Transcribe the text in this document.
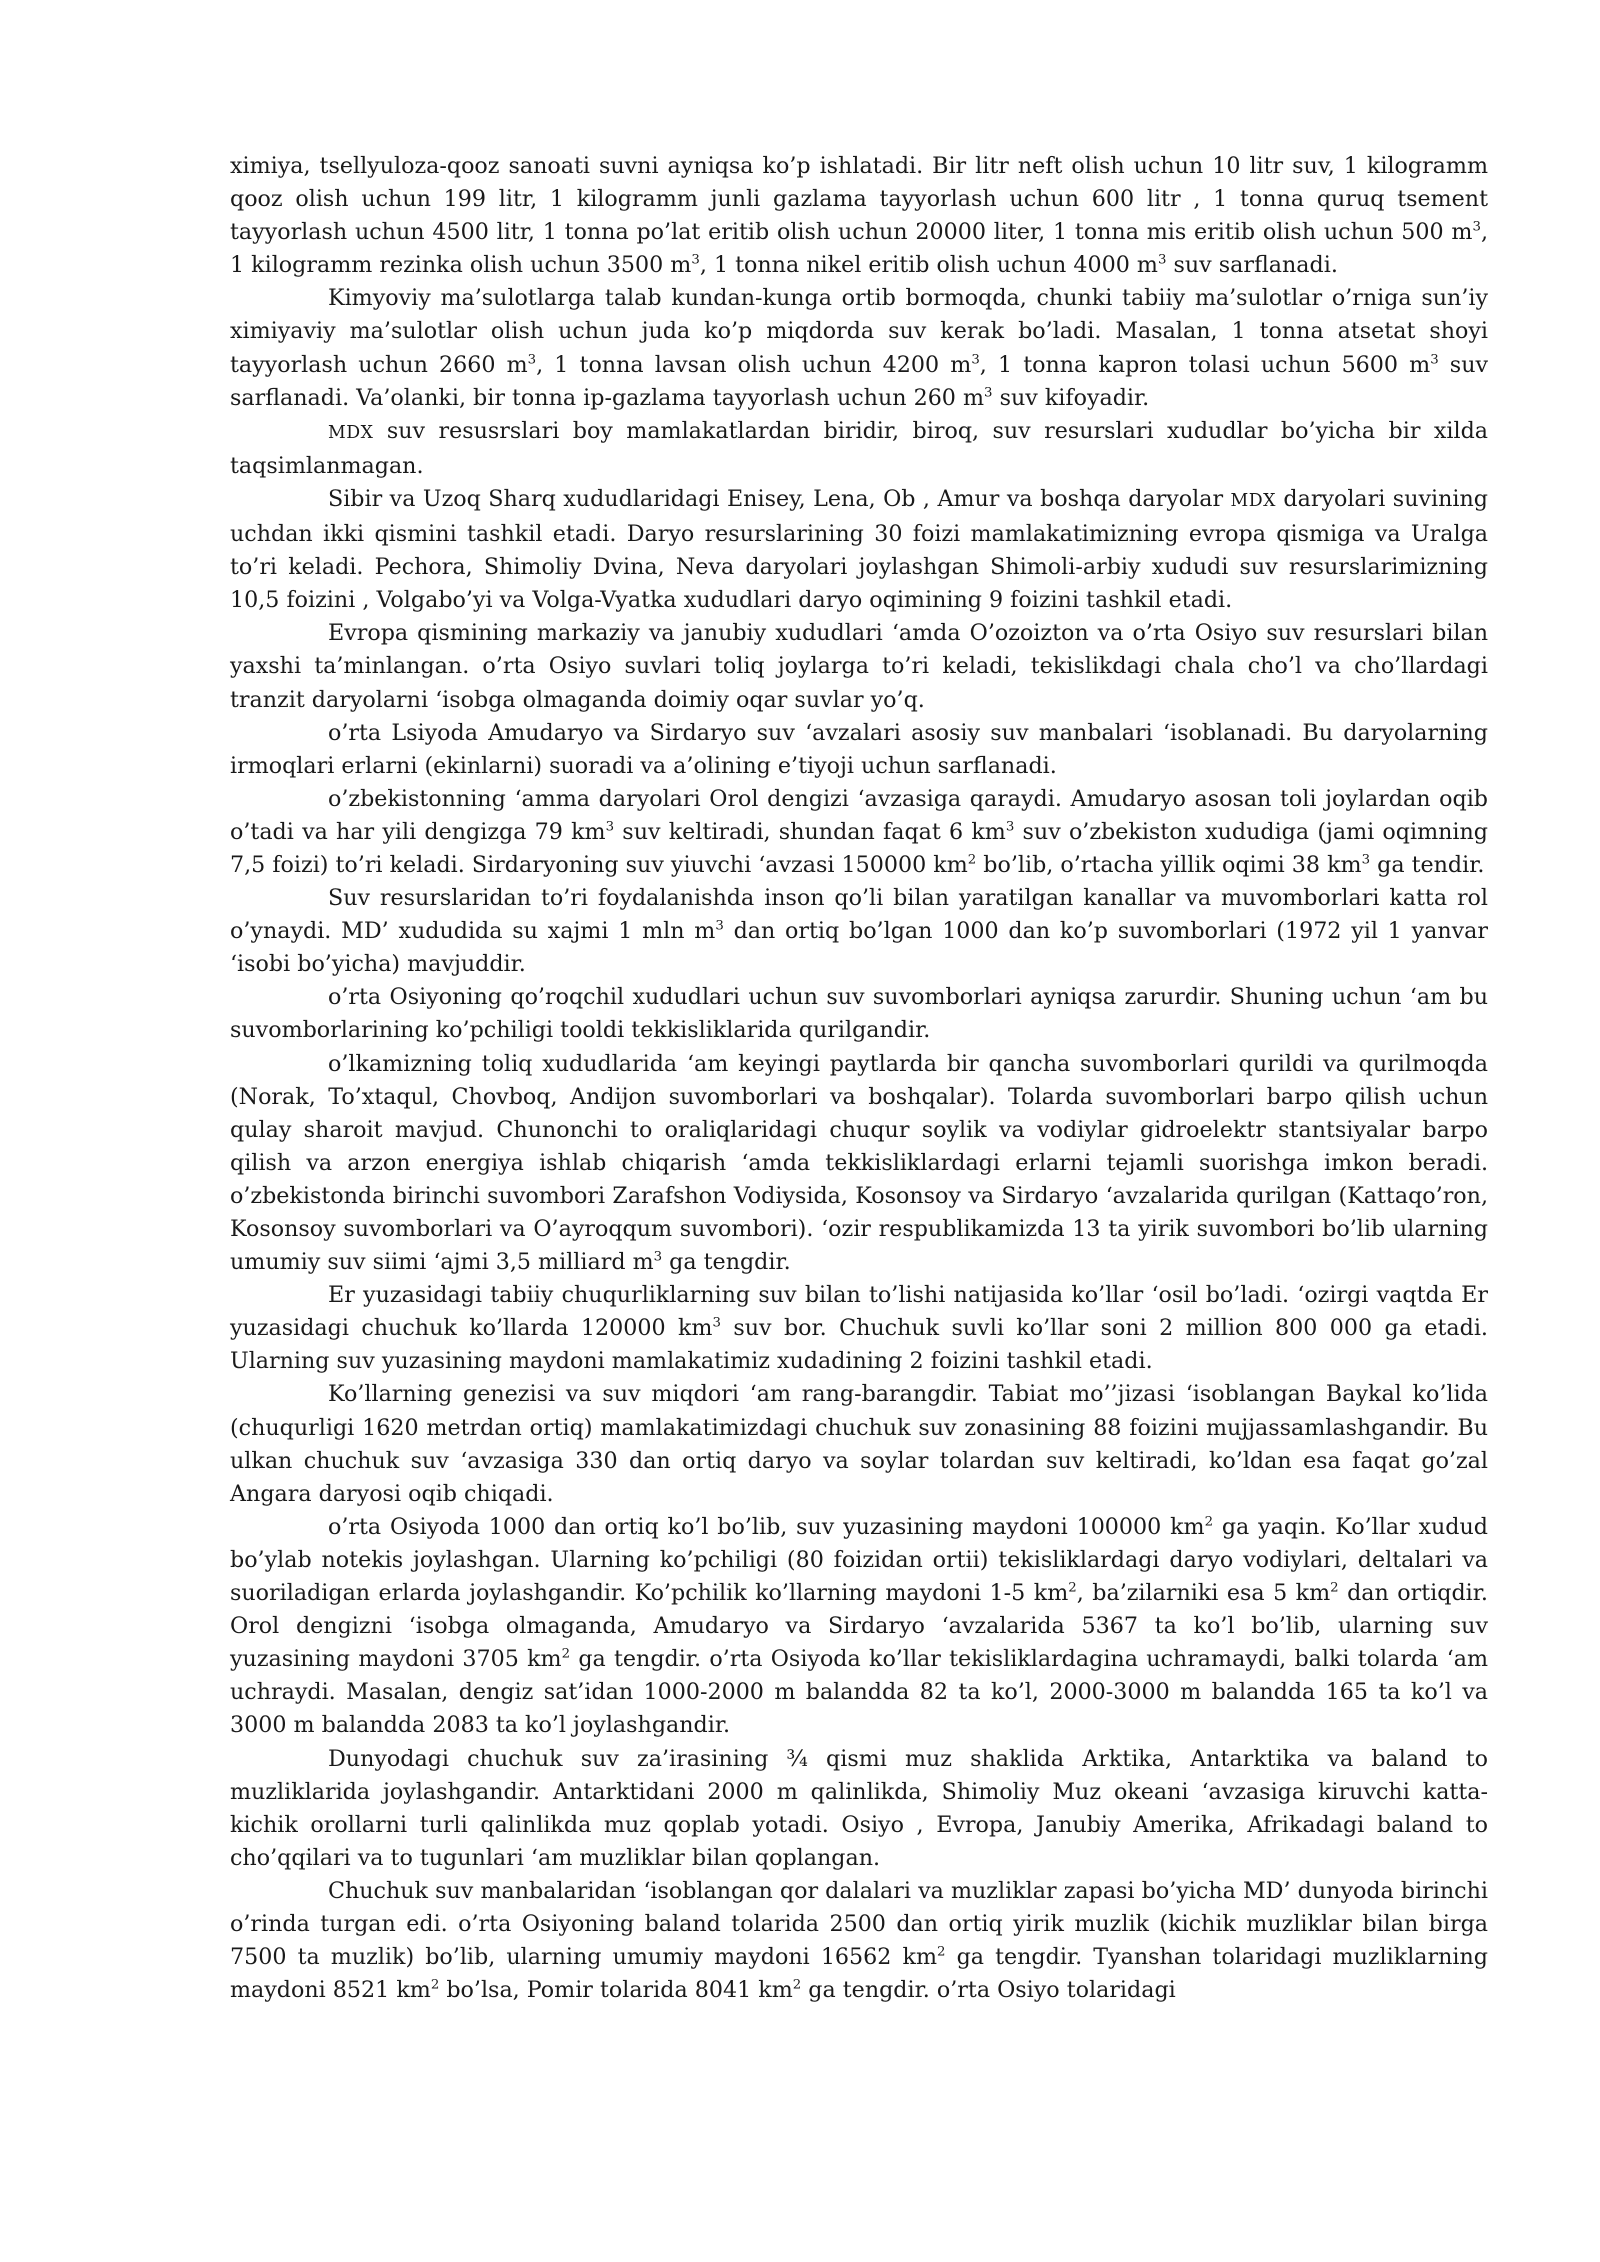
ximiya, tsellyuloza-qooz sanoati suvni ayniqsa ko’p ishlatadi. Bir litr neft olish uchun 10 litr suv, 1 kilogramm qooz olish uchun 199 litr, 1 kilogramm junli gazlama tayyorlash uchun 600 litr , 1 tonna quruq tsement tayyorlash uchun 4500 litr, 1 tonna po’lat eritib olish uchun 20000 liter, 1 tonna mis eritib olish uchun 500 $m^3$, 1 kilogramm rezinka olish uchun 3500 $m^3$, 1 tonna nikel eritib olish uchun 4000 $m^3$ suv sarflanadi.

Kimyoviy ma’sulotlarga talab kundan-kunga ortib bormoqda, chunki tabiiy ma’sulotlar o’rniga sun’iy ximiyaviy ma’sulotlar olish uchun juda ko’p miqdorda suv kerak bo’ladi. Masalan, 1 tonna atsetat shoyi tayyorlash uchun 2660 $m^3$, 1 tonna lavsan olish uchun 4200 $m^3$, 1 tonna kapron tolasi uchun 5600 $m^3$ suv sarflanadi. Va’olanki, bir tonna ip-gazlama tayyorlash uchun 260 $m^3$ suv kifoyadir.

MDX suv resusrslari boy mamlakatlardan biridir, biroq, suv resurslari xududlar bo’yicha bir xilda taqsimlanmagan.

Sibir va Uzoq Sharq xududlaridagi Enisey, Lena, Ob , Amur va boshqa daryolar MDX daryolari suvining uchdan ikki qismini tashkil etadi. Daryo resurslarining 30 foizi mamlakatimizning evropa qismiga va Uralga to’ri keladi. Pechora, Shimoliy Dvina, Neva daryolari joylashgan Shimoli-arbiy xududi suv resurslarimizning 10,5 foizini , Volgabo’yi va Volga-Vyatka xududlari daryo oqimining 9 foizini tashkil etadi.

Evropa qismining markaziy va janubiy xududlari ‘amda O’ozoizton va o’rta Osiyo suv resurslari bilan yaxshi ta’minlangan. o’rta Osiyo suvlari toliq joylarga to’ri keladi, tekislikdagi chala cho’l va cho’llardagi tranzit daryolarni ‘isobga olmaganda doimiy oqar suvlar yo’q.

o’rta Lsiyoda Amudaryo va Sirdaryo suv ‘avzalari asosiy suv manbalari ‘isoblanadi. Bu daryolarning irmoqlari erlarni (ekinlarni) suoradi va a’olining e’tiyoji uchun sarflanadi.

o’zbekistonning ‘amma daryolari Orol dengizi ‘avzasiga qaraydi. Amudaryo asosan toli joylardan oqib o’tadi va har yili dengizga 79 $km^3$ suv keltiradi, shundan faqat 6 $km^3$ suv o’zbekiston xududiga (jami oqimning 7,5 foizi) to’ri keladi. Sirdaryoning suv yiuvchi ‘avzasi 150000 $km^2$ bo’lib, o’rtacha yillik oqimi 38 $km^3$ ga tendir.

Suv resurslaridan to’ri foydalanishda inson qo’li bilan yaratilgan kanallar va muvomborlari katta rol o’ynaydi. MD’ xududida su xajmi 1 mln $m^3$ dan ortiq bo’lgan 1000 dan ko’p suvomborlari (1972 yil 1 yanvar ‘isobi bo’yicha) mavjuddir.

o’rta Osiyoning qo’roqchil xududlari uchun suv suvomborlari ayniqsa zarurdir. Shuning uchun ‘am bu suvomborlarining ko’pchiligi tooldi tekkisliklarida qurilgandir.

o’lkamizning toliq xududlarida ‘am keyingi paytlarda bir qancha suvomborlari qurildi va qurilmoqda (Norak, To’xtaqul, Chovboq, Andijon suvomborlari va boshqalar). Tolarda suvomborlari barpo qilish uchun qulay sharoit mavjud. Chunonchi to oraliqlaridagi chuqur soylik va vodiylar gidroelektr stantsiyalar barpo qilish va arzon energiya ishlab chiqarish ‘amda tekkisliklardagi erlarni tejamli suorishga imkon beradi. o’zbekistonda birinchi suvombori Zarafshon Vodiysida, Kosonsoy va Sirdaryo ‘avzalarida qurilgan (Kattaqo’ron, Kosonsoy suvomborlari va O’ayroqqum suvombori). ‘ozir respublikamizda 13 ta yirik suvombori bo’lib ularning umumiy suv siimi ‘ajmi 3,5 milliard $m^3$ ga tengdir.

Er yuzasidagi tabiiy chuqurliklarning suv bilan to’lishi natijasida ko’llar ‘osil bo’ladi. ‘ozirgi vaqtda Er yuzasidagi chuchuk ko’llarda 120000 $km^3$ suv bor. Chuchuk suvli ko’llar soni 2 million 800 000 ga etadi. Ularning suv yuzasining maydoni mamlakatimiz xudadining 2 foizini tashkil etadi.

Ko’llarning genezisi va suv miqdori ‘am rang-barangdir. Tabiat mo’’jizasi ‘isoblangan Baykal ko’lida (chuqurligi 1620 metrdan ortiq) mamlakatimizdagi chuchuk suv zonasining 88 foizini mujjassamlashgandir. Bu ulkan chuchuk suv ‘avzasiga 330 dan ortiq daryo va soylar tolardan suv keltiradi, ko’ldan esa faqat go’zal Angara daryosi oqib chiqadi.

o’rta Osiyoda 1000 dan ortiq ko’l bo’lib, suv yuzasining maydoni 100000 $km^2$ ga yaqin. Ko’llar xudud bo’ylab notekis joylashgan. Ularning ko’pchiligi (80 foizidan ortii) tekisliklardagi daryo vodiylari, deltalari va suoriladigan erlarda joylashgandir. Ko’pchilik ko’llarning maydoni 1-5 $km^2$, ba’zilarniki esa 5 $km^2$ dan ortiqdir. Orol dengizni ‘isobga olmaganda, Amudaryo va Sirdaryo ‘avzalarida 5367 ta ko’l bo’lib, ularning suv yuzasining maydoni 3705 $km^2$ ga tengdir. o’rta Osiyoda ko’llar tekisliklardagina uchramaydi, balki tolarda ‘am uchraydi. Masalan, dengiz sat’idan 1000-2000 m balandda 82 ta ko’l, 2000-3000 m balandda 165 ta ko’l va 3000 m balandda 2083 ta ko’l joylashgandir.

Dunyodagi chuchuk suv za’irasining ¾ qismi muz shaklida Arktika, Antarktika va baland to muzliklarida joylashgandir. Antarktidani 2000 m qalinlikda, Shimoliy Muz okeani ‘avzasiga kiruvchi katta-kichik orollarni turli qalinlikda muz qoplab yotadi. Osiyo , Evropa, Janubiy Amerika, Afrikadagi baland to cho’qqilari va to tugunlari ‘am muzliklar bilan qoplangan.

Chuchuk suv manbalaridan ‘isoblangan qor dalalari va muzliklar zapasi bo’yicha MD’ dunyoda birinchi o’rinda turgan edi. o’rta Osiyoning baland tolarida 2500 dan ortiq yirik muzlik (kichik muzliklar bilan birga 7500 ta muzlik) bo’lib, ularning umumiy maydoni 16562 $km^2$ ga tengdir. Tyanshan tolaridagi muzliklarning maydoni 8521 $km^2$ bo’lsa, Pomir tolarida 8041 $km^2$ ga tengdir. o’rta Osiyo tolaridagi
